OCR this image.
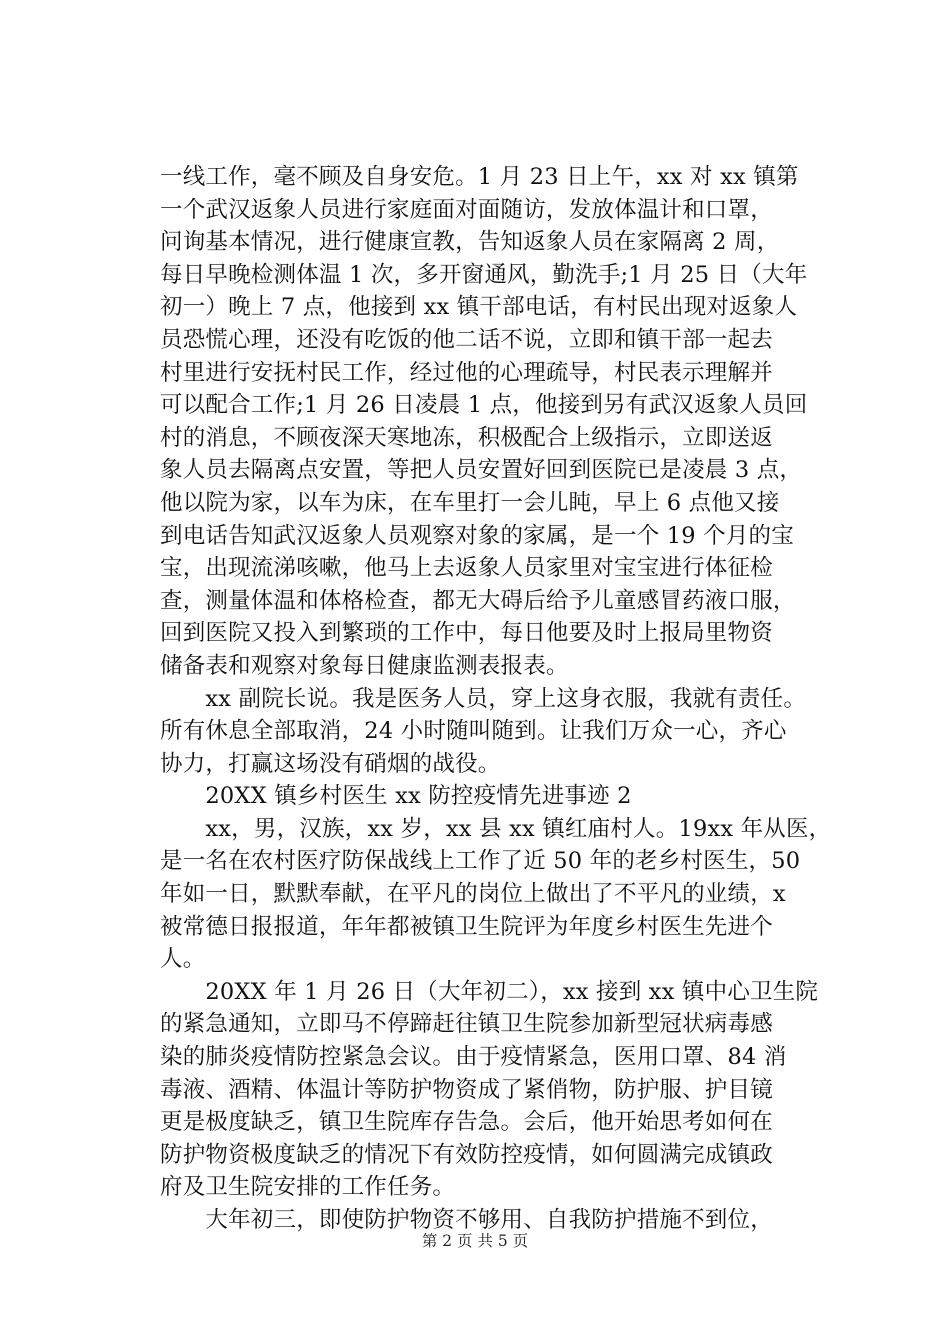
一线工作，毫不顾及自身安危。1 月 23 日上午，xx 对 xx 镇第
一个武汉返象人员进行家庭面对面随访，发放体温计和口罩，
问询基本情况，进行健康宣教，告知返象人员在家隔离 2 周，
每日早晚检测体温 1 次，多开窗通风，勤洗手;1 月 25 日（大年
初一）晚上 7 点，他接到 xx 镇干部电话，有村民出现对返象人
员恐慌心理，还没有吃饭的他二话不说，立即和镇干部一起去
村里进行安抚村民工作，经过他的心理疏导，村民表示理解并
可以配合工作;1 月 26 日凌晨 1 点，他接到另有武汉返象人员回
村的消息，不顾夜深天寒地冻，积极配合上级指示，立即送返
象人员去隔离点安置，等把人员安置好回到医院已是凌晨 3 点，
他以院为家，以车为床，在车里打一会儿盹，早上 6 点他又接
到电话告知武汉返象人员观察对象的家属，是一个 19 个月的宝
宝，出现流涕咳嗽，他马上去返象人员家里对宝宝进行体征检
查，测量体温和体格检查，都无大碍后给予儿童感冒药液口服，
回到医院又投入到繁琐的工作中，每日他要及时上报局里物资
储备表和观察对象每日健康监测表报表。
　　xx 副院长说。我是医务人员，穿上这身衣服，我就有责任。
所有休息全部取消，24 小时随叫随到。让我们万众一心，齐心
协力，打赢这场没有硝烟的战役。
　　20XX 镇乡村医生 xx 防控疫情先进事迹 2
　　xx，男，汉族，xx 岁，xx 县 xx 镇红庙村人。19xx 年从医，
是一名在农村医疗防保战线上工作了近 50 年的老乡村医生，50
年如一日，默默奉献，在平凡的岗位上做出了不平凡的业绩，x
被常德日报报道，年年都被镇卫生院评为年度乡村医生先进个
人。
　　20XX 年 1 月 26 日（大年初二），xx 接到 xx 镇中心卫生院
的紧急通知，立即马不停蹄赶往镇卫生院参加新型冠状病毒感
染的肺炎疫情防控紧急会议。由于疫情紧急，医用口罩、84 消
毒液、酒精、体温计等防护物资成了紧俏物，防护服、护目镜
更是极度缺乏，镇卫生院库存告急。会后，他开始思考如何在
防护物资极度缺乏的情况下有效防控疫情，如何圆满完成镇政
府及卫生院安排的工作任务。
　　大年初三，即使防护物资不够用、自我防护措施不到位，
第 2 页 共 5 页
